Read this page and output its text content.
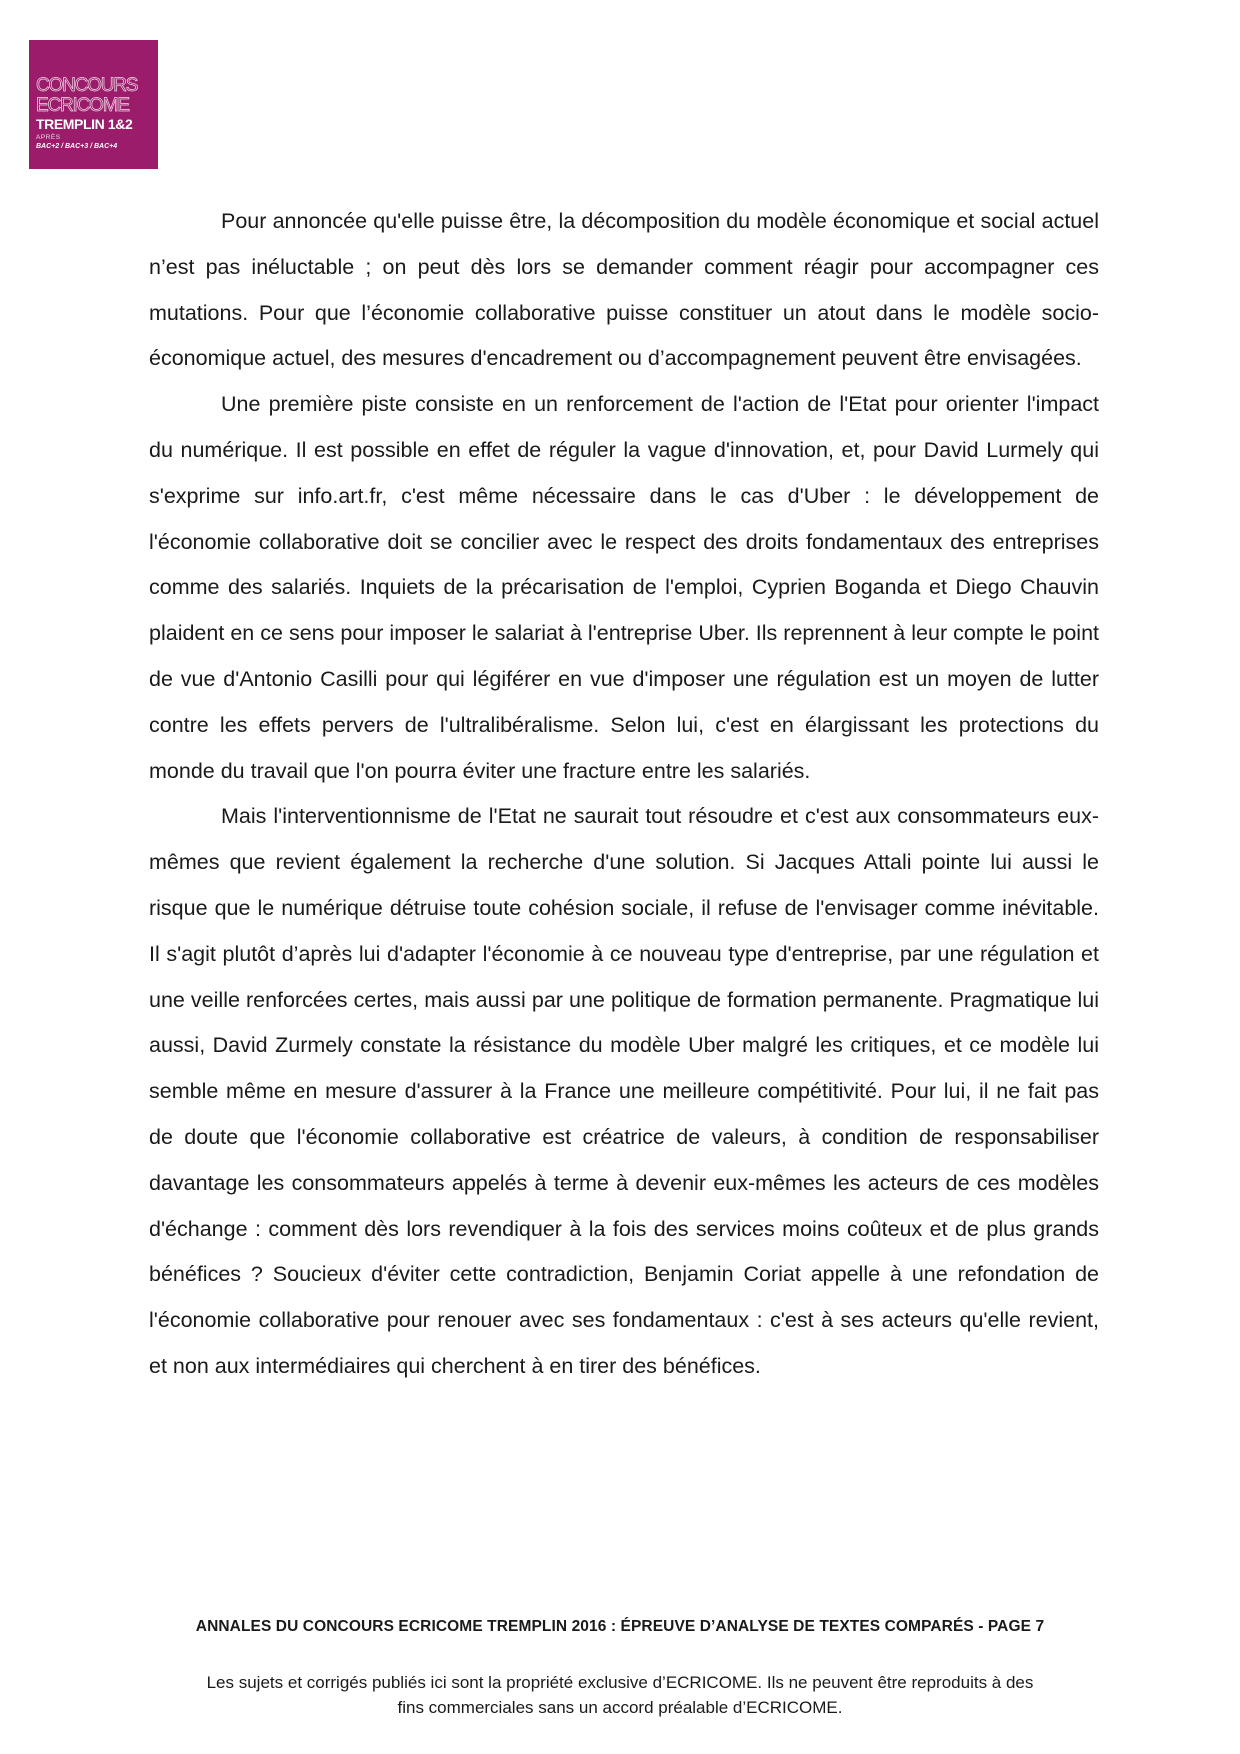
CONCOURS
ECRICOME
TREMPLIN 1&2
APRÈS
BAC+2 / BAC+3 / BAC+4

Pour annoncée qu'elle puisse être, la décomposition du modèle économique et social actuel n’est pas inéluctable ; on peut dès lors se demander comment réagir pour accompagner ces mutations. Pour que l’économie collaborative puisse constituer un atout dans le modèle socio-économique actuel, des mesures d'encadrement ou d’accompagnement peuvent être envisagées.

Une première piste consiste en un renforcement de l'action de l'Etat pour orienter l'impact du numérique. Il est possible en effet de réguler la vague d'innovation, et, pour David Lurmely qui s'exprime sur info.art.fr, c'est même nécessaire dans le cas d'Uber : le développement de l'économie collaborative doit se concilier avec le respect des droits fondamentaux des entreprises comme des salariés. Inquiets de la précarisation de l'emploi, Cyprien Boganda et Diego Chauvin plaident en ce sens pour imposer le salariat à l'entreprise Uber. Ils reprennent à leur compte le point de vue d'Antonio Casilli pour qui légiférer en vue d'imposer une régulation est un moyen de lutter contre les effets pervers de l'ultralibéralisme. Selon lui, c'est en élargissant les protections du monde du travail que l'on pourra éviter une fracture entre les salariés.

Mais l'interventionnisme de l'Etat ne saurait tout résoudre et c'est aux consommateurs eux-mêmes que revient également la recherche d'une solution. Si Jacques Attali pointe lui aussi le risque que le numérique détruise toute cohésion sociale, il refuse de l'envisager comme inévitable. Il s'agit plutôt d’après lui d'adapter l'économie à ce nouveau type d'entreprise, par une régulation et une veille renforcées certes, mais aussi par une politique de formation permanente. Pragmatique lui aussi, David Zurmely constate la résistance du modèle Uber malgré les critiques, et ce modèle lui semble même en mesure d'assurer à la France une meilleure compétitivité. Pour lui, il ne fait pas de doute que l'économie collaborative est créatrice de valeurs, à condition de responsabiliser davantage les consommateurs appelés à terme à devenir eux-mêmes les acteurs de ces modèles d'échange : comment dès lors revendiquer à la fois des services moins coûteux et de plus grands bénéfices ? Soucieux d'éviter cette contradiction, Benjamin Coriat appelle à une refondation de l'économie collaborative pour renouer avec ses fondamentaux : c'est à ses acteurs qu'elle revient, et non aux intermédiaires qui cherchent à en tirer des bénéfices.

ANNALES DU CONCOURS ECRICOME TREMPLIN 2016 : ÉPREUVE D’ANALYSE DE TEXTES COMPARÉS - PAGE 7
Les sujets et corrigés publiés ici sont la propriété exclusive d’ECRICOME. Ils ne peuvent être reproduits à des
fins commerciales sans un accord préalable d’ECRICOME.
